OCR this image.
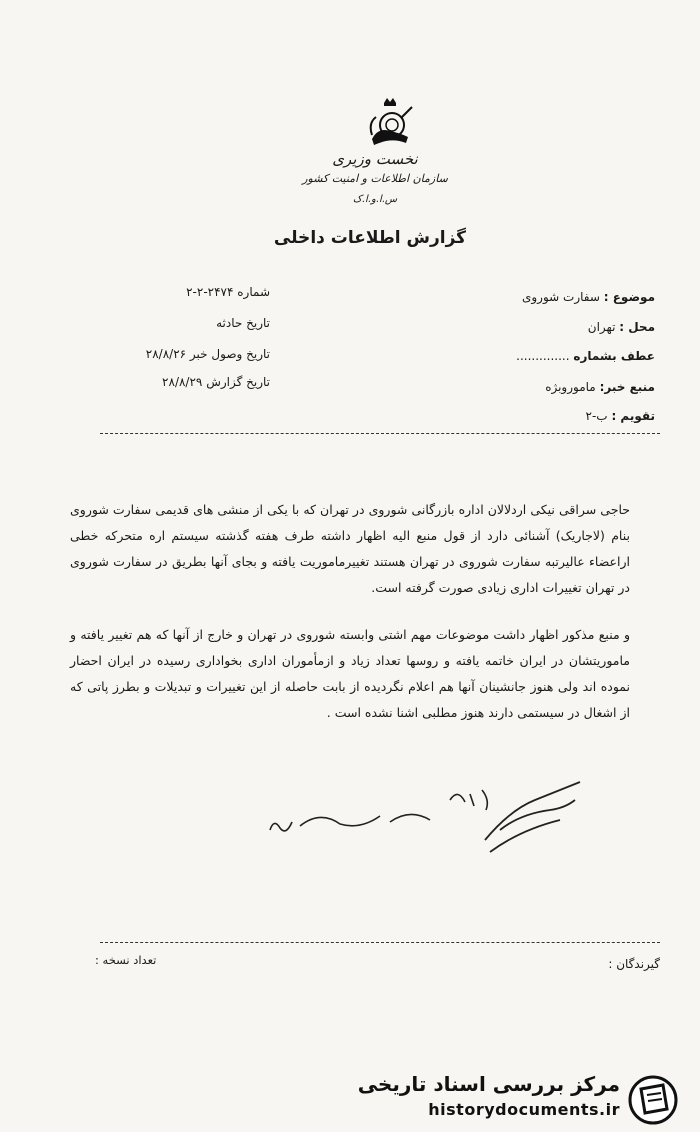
نخست وزیری
سازمان اطلاعات و امنیت کشور
س.ا.و.ا.ک
گزارش اطلاعات داخلی
موضوع : سفارت شوروی
محل : تهران
عطف بشماره ..............
منبع خبر: ماموروبژه
تقویم : ب-۲
شماره ۲۴۷۴-۲-۲
تاریخ حادثه
تاریخ وصول خبر ۲۸/۸/۲۶
تاریخ گزارش ۲۸/۸/۲۹
حاجی سراقی نیکی اردلالان اداره بازرگانی شوروی در تهران که با یکی از منشی های قدیمی سفارت شوروی بنام (لاجاریک) آشنائی دارد از قول منبع الیه اظهار داشته طرف هفته گذشته سیستم اره متحرکه خطی اراعضاء عالیرتبه سفارت شوروی در تهران هستند تغییرماموریت یافته و بجای آنها بطریق در سفارت شوروی در تهران تغییرات اداری زیادی صورت گرفته است.
و منبع مذکور اظهار داشت موضوعات مهم اشتی وابسته شوروی در تهران و خارج از آنها که هم تغییر یافته و ماموریتشان در ایران خاتمه یافته و روسها تعداد زیاد و ازمأموران اداری بخواداری رسیده در ایران احضار نموده اند ولی هنوز جانشینان آنها هم اعلام نگردیده از بابت حاصله از این تغییرات و تبدیلات و بطرز پاتی که از اشغال در سیستمی دارند هنوز مطلبی اشنا نشده است .
گیرندگان :
تعداد نسخه :
مرکز بررسی اسناد تاریخی
historydocuments.ir
